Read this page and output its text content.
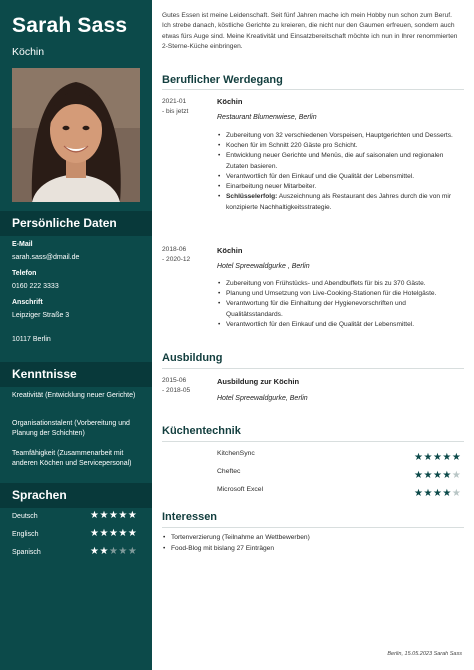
Sarah Sass
Köchin
Persönliche Daten
E-Mail
sarah.sass@dmail.de
Telefon
0160 222 3333
Anschrift
Leipziger Straße 3
10117 Berlin
Kenntnisse
Kreativität (Entwicklung neuer Gerichte)
Organisationstalent (Vorbereitung und Planung der Schichten)
Teamfähigkeit (Zusammenarbeit mit anderen Köchen und Servicepersonal)
Sprachen
Deutsch	★★★★★
Englisch	★★★★★
Spanisch	★★★★★
Gutes Essen ist meine Leidenschaft. Seit fünf Jahren mache ich mein Hobby nun schon zum Beruf. Ich strebe danach, köstliche Gerichte zu kreieren, die nicht nur den Gaumen erfreuen, sondern auch etwas fürs Auge sind. Meine Kreativität und Einsatzbereitschaft möchte ich nun in Ihrer renommierten 2-Sterne-Küche einbringen.
Beruflicher Werdegang
2021-01
- bis jetzt
Köchin
Restaurant Blumenwiese, Berlin
• Zubereitung von 32 verschiedenen Vorspeisen, Hauptgerichten und Desserts.
• Kochen für im Schnitt 220 Gäste pro Schicht.
• Entwicklung neuer Gerichte und Menüs, die auf saisonalen und regionalen Zutaten basieren.
• Verantwortlich für den Einkauf und die Qualität der Lebensmittel.
• Einarbeitung neuer Mitarbeiter.
• Schlüsselerfolg: Auszeichnung als Restaurant des Jahres durch die von mir konzipierte Nachhaltigkeitsstrategie.
2018-06
- 2020-12
Köchin
Hotel Spreewaldgurke , Berlin
• Zubereitung von Frühstücks- und Abendbuffets für bis zu 370 Gäste.
• Planung und Umsetzung von Live-Cooking-Stationen für die Hotelgäste.
• Verantwortung für die Einhaltung der Hygienevorschriften und Qualitätsstandards.
• Verantwortlich für den Einkauf und die Qualität der Lebensmittel.
Ausbildung
2015-06
- 2018-05
Ausbildung zur Köchin
Hotel Spreewaldgurke, Berlin
Küchentechnik
KitchenSync	★★★★★
Cheftec	★★★★★
Microsoft Excel	★★★★★
Interessen
• Tortenverzierung (Teilnahme an Wettbewerben)
• Food-Blog mit bislang 27 Einträgen
Berlin, 15.05.2023 Sarah Sass
